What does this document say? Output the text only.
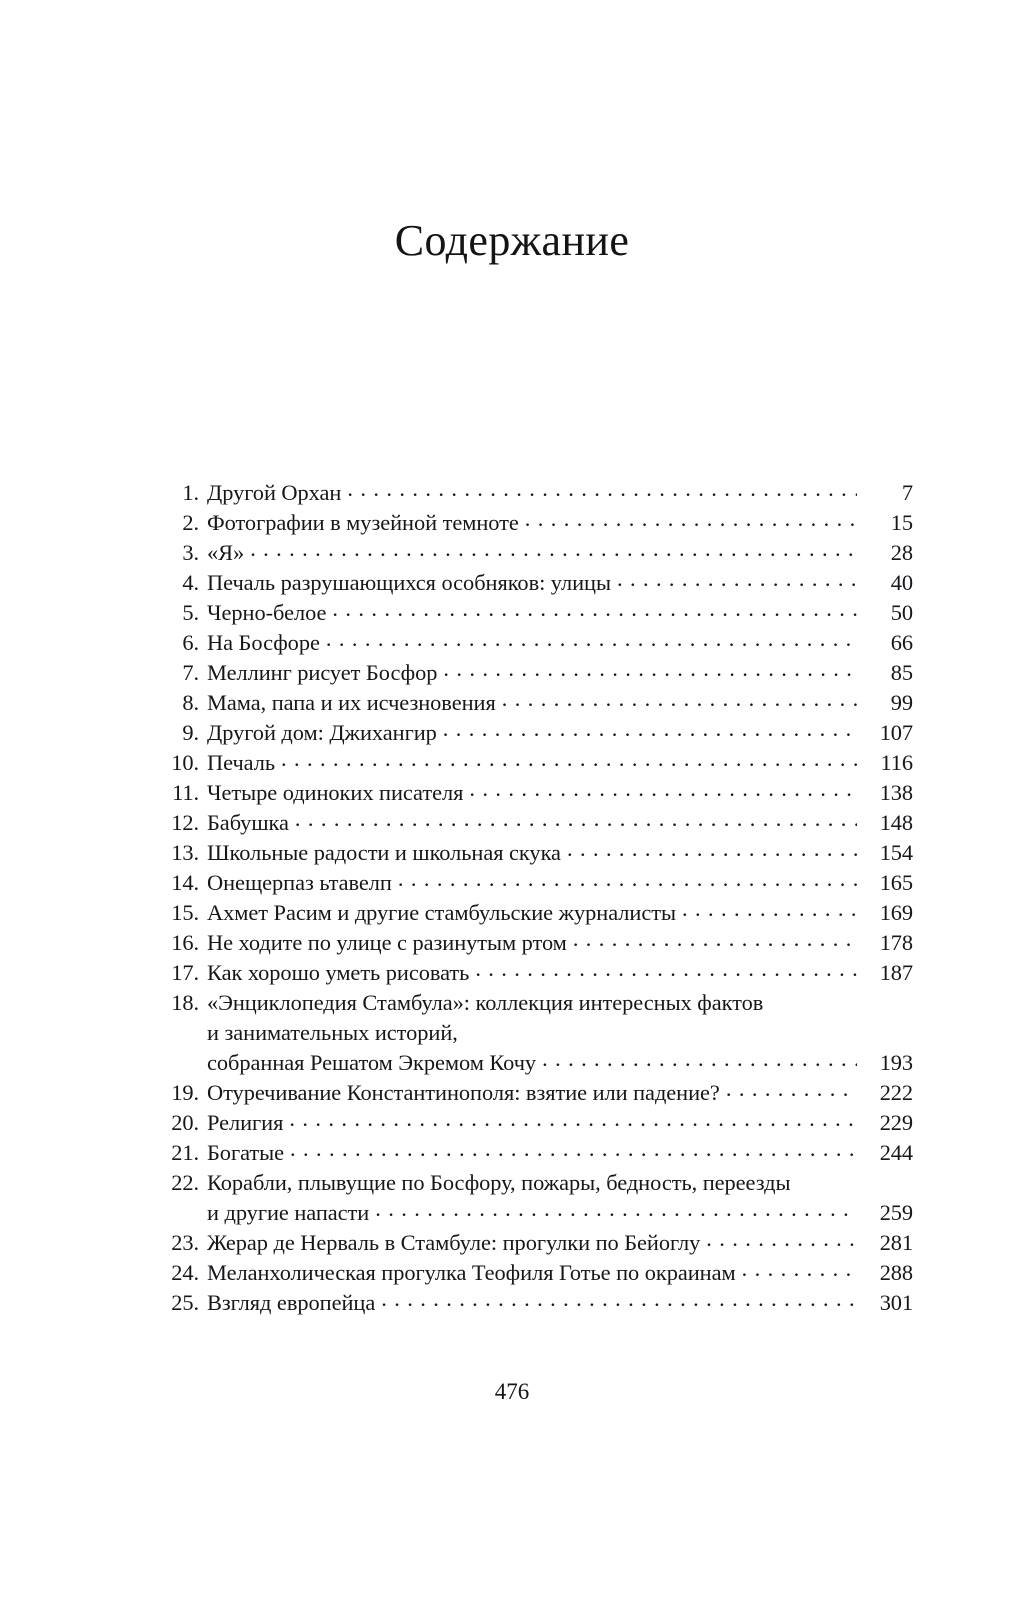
Содержание
1 . Другой Орхан . . .	7
2 . Фотографии в музейной темноте . . .	15
3 . «Я» . . .	28
4 . Печаль разрушающихся особняков: улицы . . .	40
5 . Черно-белое . . .	50
6 . На Босфоре . . .	66
7 . Меллинг рисует Босфор . . .	85
8 . Мама, папа и их исчезновения . . .	99
9 . Другой дом: Джихангир . . .	107
10 . Печаль . . .	116
11 . Четыре одиноких писателя . . .	138
12 . Бабушка . . .	148
13 . Школьные радости и школьная скука . . .	154
14 . Онещерпаз ьтавелп . . .	165
15 . Ахмет Расим и другие стамбульские журналисты . . .	169
16 . Не ходите по улице с разинутым ртом . . .	178
17 . Как хорошо уметь рисовать . . .	187
18 . «Энциклопедия Стамбула»: коллекция интересных фактов
и занимательных историй,
собранная Решатом Экремом Кочу . . .	193
19 . Отуречивание Константинополя: взятие или падение? . . .	222
20 . Религия . . .	229
21 . Богатые . . .	244
22 . Корабли, плывущие по Босфору, пожары, бедность, переезды
и другие напасти . . .	259
23 . Жерар де Нерваль в Стамбуле: прогулки по Бейоглу . . .	281
24 . Меланхолическая прогулка Теофиля Готье по окраинам . . .	288
25 . Взгляд европейца . . .	301
476
